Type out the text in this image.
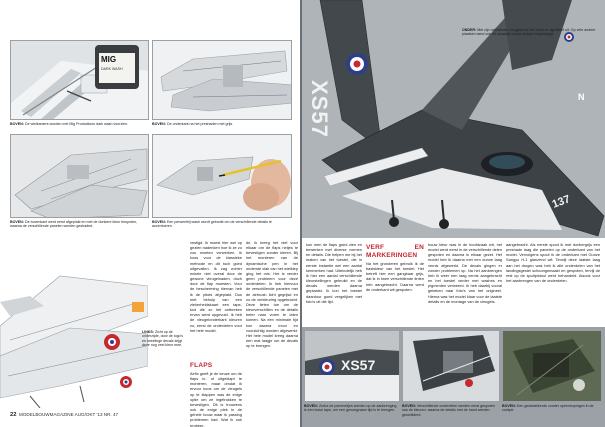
MIG
DARK WASH
BOVEN: De wielkamers worden met Mig Productions dark wash voorzien.	BOVEN: De onderkant na het preshaden met grijs.
BOVEN: De bovenkant werd eerst afgeplakt en met de donkere kleur bespoten, waarna de verschillende panelen werden geshaded.
BOVEN: Een penseelbij wash wordt gebruikt om de verschillende details te accentueren.
LINKS: Zicht op de onderzijde, door de logo's en tweelinge decals krijgt deze nog veel kleur mee.

vestigd. Ik moest hier wel op gezien nadenken hoe ik ze zo zou moeten verwerken. Ik koos voor de klassieke methode en dit toch goed uitgevallen. Ik zag echter enkele niet overal door de gewone vleugelnaden, doch door de flap moesten. Voor de bescherming hiervan heb ik de pitots afgeplakt. Dus met behulp van een ziekerheidskaart een tape-tool die zo het ontbreken ervan werd opgevuld. Ik heb de vleugelonderkant kleuren zo, eerst de onderdelen voor het hele model.

FLAPS

Airfix geeft je de keuze om de flaps in- of uitgeklapt te monteren, maar omdat ik ervoor koos om de vleugels op te klappen was de enige optie om ze ingetrokken te bevestigen. Dit is trouwens ook de enige plek in de gehele bouw waar ik passing problemen had. Wat ik ook probeer-

de, ik kreeg het niet voor elkaar om de flaps netjes te bevestigen zonder kieren. Bij het monteren van de dynamische pen in het onderste vlak van het wielklep ging het mis. Het is verder geen probleem voor deze onderdelen. Ik heb hiervoor de verschillende panelen met de airbrush licht gegrijsd en zo de verkleuring opgebracht. Deze lieten toe om de kleurverschillen en de details beter naar voren te laten komen. Na een minimale tijd kon daarna mooi en voorzichtig worden afgewerkt. Het hele model kreeg daarna een mat laagje om de decals op te brengen.

22 MODELBOUWMAGAZINE AUG/OKT '13 NR. 47
XS57
137
N
ONDER: Met zijn opklapbare vleugels kan de Vixen er agressief uit. Op vele andere plaatsen werd ook dit spraakje mooie stukjes toegevoegd.

kon men de flaps goed zien en bewerken met diverse vormen en details. Die helpen me bij het maken van het toestel, die in eerste instantie wel een aantal kenmerken had. Uiteindelijk heb ik hier een aantal verschillende kleurstellingen gebruikt en de decals werden daarna geplaatst. Ik kon het toestel daardoor goed vergelijken met foto's uit die tijd.

VERF EN MARKERINGEN

Na het gronderen gebruik ik de basiskleur van het toestel. Het betreft hier een gangbaar grijs, dat ik in twee verschillende tinten heb aangebracht. Daarna werd de onderkant wit gespoten.

bouw kleur was in de hoofdzaak wit, het model werd eerst in de verschillende delen gespoten en daarna in elkaar gezet. Het model heb ik daarna met een dunne laag vernis afgewerkt. De decals gingen er zonder problemen op. Na het aanbrengen heb ik weer een laag vernis aangebracht en het toestel verder met washes en pigmenten verweerd. Ik heb daarbij vooral gekeken naar foto's van het origineel. Hierna was het model klaar voor de laatste details en de montage van de vleugels.

aangebracht. Als eerste spoot ik met donkergrijs een preshade laag die panelen op de onderkant van het model. Vervolgens spoot ik de onderkant met Gunze Sangyo H-1 glanzend wit. Terwijl deze laatste laag aan het drogen was heb ik alle onderdelen van het landingsgestel schoongemaakt en gespoten, tervijl de rest op de spuitpistool werd behandeld. Alsook voor het aanbrengen van de onderdelen.

XS57
BOVEN: Zodra de pommeltjes werden op de aanbrenging is een losse tape, om een genoegzaam tijd in te brengen.
BOVEN: Verschillende onderdelen werden eerst gespoten van de kleuren, waarna de details met de hand werden geschilderd.
BOVEN: Een gedetailleerde zonder opeenhopingen in de cockpit.
